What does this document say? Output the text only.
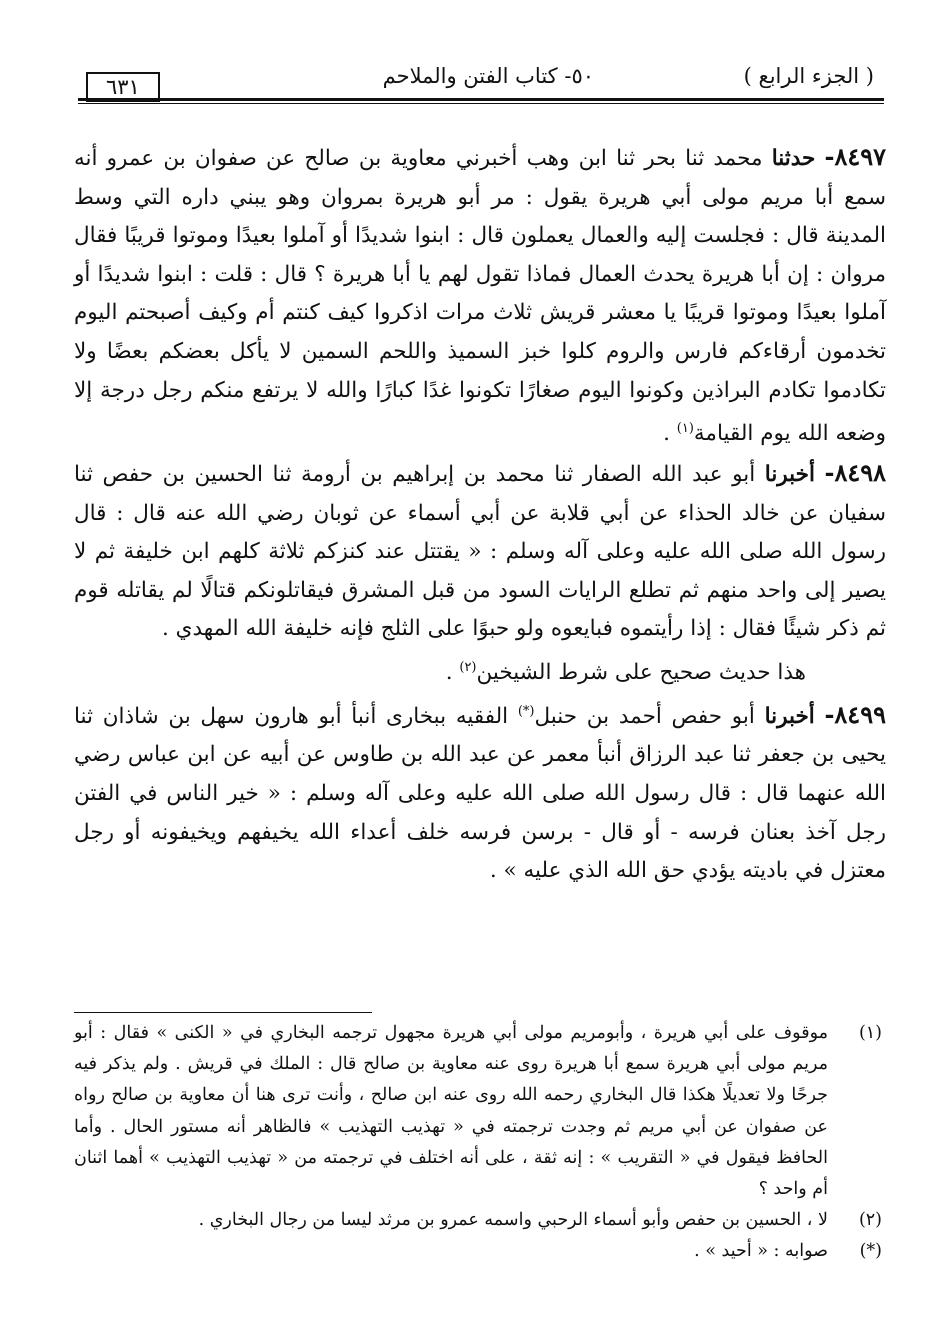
( الجزء الرابع )
٥٠- كتاب الفتن والملاحم
٦٣١

٨٤٩٧- حدثنا محمد ثنا بحر ثنا ابن وهب أخبرني معاوية بن صالح عن صفوان بن عمرو أنه سمع أبا مريم مولى أبي هريرة يقول : مر أبو هريرة بمروان وهو يبني داره التي وسط المدينة قال : فجلست إليه والعمال يعملون قال : ابنوا شديدًا أو آملوا بعيدًا وموتوا قريبًا فقال مروان : إن أبا هريرة يحدث العمال فماذا تقول لهم يا أبا هريرة ؟ قال : قلت : ابنوا شديدًا أو آملوا بعيدًا وموتوا قريبًا يا معشر قريش ثلاث مرات اذكروا كيف كنتم أم وكيف أصبحتم اليوم تخدمون أرقاءكم فارس والروم كلوا خبز السميذ واللحم السمين لا يأكل بعضكم بعضًا ولا تكادموا تكادم البراذين وكونوا اليوم صغارًا تكونوا غدًا كبارًا والله لا يرتفع منكم رجل درجة إلا وضعه الله يوم القيامة$^{(١)}$ .

٨٤٩٨- أخبرنا أبو عبد الله الصفار ثنا محمد بن إبراهيم بن أرومة ثنا الحسين بن حفص ثنا سفيان عن خالد الحذاء عن أبي قلابة عن أبي أسماء عن ثوبان رضي الله عنه قال : قال رسول الله صلى الله عليه وعلى آله وسلم : « يقتتل عند كنزكم ثلاثة كلهم ابن خليفة ثم لا يصير إلى واحد منهم ثم تطلع الرايات السود من قبل المشرق فيقاتلونكم قتالًا لم يقاتله قوم ثم ذكر شيئًا فقال : إذا رأيتموه فبايعوه ولو حبوًا على الثلج فإنه خليفة الله المهدي .

هذا حديث صحيح على شرط الشيخين$^{(٢)}$ .

٨٤٩٩- أخبرنا أبو حفص أحمد بن حنبل(*) الفقيه ببخارى أنبأ أبو هارون سهل بن شاذان ثنا يحيى بن جعفر ثنا عبد الرزاق أنبأ معمر عن عبد الله بن طاوس عن أبيه عن ابن عباس رضي الله عنهما قال : قال رسول الله صلى الله عليه وعلى آله وسلم : « خير الناس في الفتن رجل آخذ بعنان فرسه - أو قال - برسن فرسه خلف أعداء الله يخيفهم ويخيفونه أو رجل معتزل في باديته يؤدي حق الله الذي عليه » .

(١)
موقوف على أبي هريرة ، وأبومريم مولى أبي هريرة مجهول ترجمه البخاري في « الكنى » فقال : أبو مريم مولى أبي هريرة سمع أبا هريرة روى عنه معاوية بن صالح قال : الملك في قريش . ولم يذكر فيه جرحًا ولا تعديلًا هكذا قال البخاري رحمه الله روى عنه ابن صالح ، وأنت ترى هنا أن معاوية بن صالح رواه عن صفوان عن أبي مريم ثم وجدت ترجمته في « تهذيب التهذيب » فالظاهر أنه مستور الحال . وأما الحافظ فيقول في « التقريب » : إنه ثقة ، على أنه اختلف في ترجمته من « تهذيب التهذيب » أهما اثنان أم واحد ؟

(٢)
لا ، الحسين بن حفص وأبو أسماء الرحبي واسمه عمرو بن مرثد ليسا من رجال البخاري .

(*)
صوابه : « أحيد » .
